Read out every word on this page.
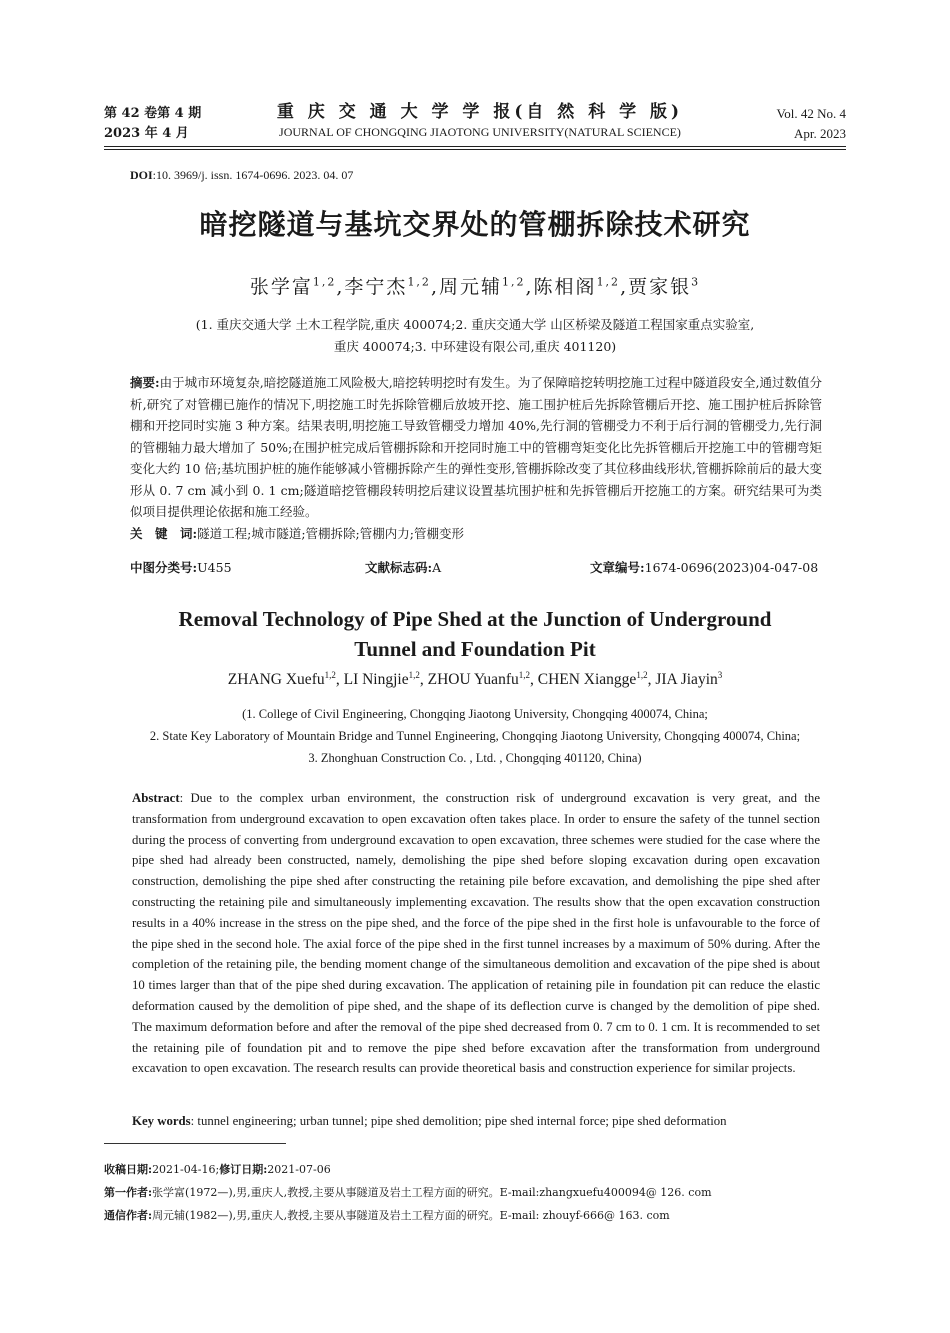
第 42 卷第 4 期
2023 年 4 月
重 庆 交 通 大 学 学 报(自 然 科 学 版)
JOURNAL OF CHONGQING JIAOTONG UNIVERSITY(NATURAL SCIENCE)
Vol. 42 No. 4
Apr. 2023
DOI:10. 3969/j. issn. 1674-0696. 2023. 04. 07
暗挖隧道与基坑交界处的管棚拆除技术研究
张学富$^{1,2}$,李宁杰$^{1,2}$,周元辅$^{1,2}$,陈相阁$^{1,2}$,贾家银$^3$
(1. 重庆交通大学 土木工程学院,重庆 400074;2. 重庆交通大学 山区桥梁及隧道工程国家重点实验室,
重庆 400074;3. 中环建设有限公司,重庆 401120)
摘要:由于城市环境复杂,暗挖隧道施工风险极大,暗挖转明挖时有发生。为了保障暗挖转明挖施工过程中隧道段安全,通过数值分析,研究了对管棚已施作的情况下,明挖施工时先拆除管棚后放坡开挖、施工围护桩后先拆除管棚后开挖、施工围护桩后拆除管棚和开挖同时实施 3 种方案。结果表明,明挖施工导致管棚受力增加 40%,先行洞的管棚受力不利于后行洞的管棚受力,先行洞的管棚轴力最大增加了 50%;在围护桩完成后管棚拆除和开挖同时施工中的管棚弯矩变化比先拆管棚后开挖施工中的管棚弯矩变化大约 10 倍;基坑围护桩的施作能够减小管棚拆除产生的弹性变形,管棚拆除改变了其位移曲线形状,管棚拆除前后的最大变形从 0. 7 cm 减小到 0. 1 cm;隧道暗挖管棚段转明挖后建议设置基坑围护桩和先拆管棚后开挖施工的方案。研究结果可为类似项目提供理论依据和施工经验。
关　键　词:隧道工程;城市隧道;管棚拆除;管棚内力;管棚变形
中图分类号:U455	文献标志码:A	文章编号:1674-0696(2023)04-047-08
Removal Technology of Pipe Shed at the Junction of Underground
Tunnel and Foundation Pit
ZHANG Xuefu$^{1,2}$, LI Ningjie$^{1,2}$, ZHOU Yuanfu$^{1,2}$, CHEN Xiangge$^{1,2}$, JIA Jiayin$^3$
(1. College of Civil Engineering, Chongqing Jiaotong University, Chongqing 400074, China;
2. State Key Laboratory of Mountain Bridge and Tunnel Engineering, Chongqing Jiaotong University, Chongqing 400074, China;
3. Zhonghuan Construction Co. , Ltd. , Chongqing 401120, China)
Abstract: Due to the complex urban environment, the construction risk of underground excavation is very great, and the transformation from underground excavation to open excavation often takes place. In order to ensure the safety of the tunnel section during the process of converting from underground excavation to open excavation, three schemes were studied for the case where the pipe shed had already been constructed, namely, demolishing the pipe shed before sloping excavation during open excavation construction, demolishing the pipe shed after constructing the retaining pile before excavation, and demolishing the pipe shed after constructing the retaining pile and simultaneously implementing excavation. The results show that the open excavation construction results in a 40% increase in the stress on the pipe shed, and the force of the pipe shed in the first hole is unfavourable to the force of the pipe shed in the second hole. The axial force of the pipe shed in the first tunnel increases by a maximum of 50% during. After the completion of the retaining pile, the bending moment change of the simultaneous demolition and excavation of the pipe shed is about 10 times larger than that of the pipe shed during excavation. The application of retaining pile in foundation pit can reduce the elastic deformation caused by the demolition of pipe shed, and the shape of its deflection curve is changed by the demolition of pipe shed. The maximum deformation before and after the removal of the pipe shed decreased from 0. 7 cm to 0. 1 cm. It is recommended to set the retaining pile of foundation pit and to remove the pipe shed before excavation after the transformation from underground excavation to open excavation. The research results can provide theoretical basis and construction experience for similar projects.
Key words: tunnel engineering; urban tunnel; pipe shed demolition; pipe shed internal force; pipe shed deformation
收稿日期:2021-04-16;修订日期:2021-07-06
第一作者:张学富(1972—),男,重庆人,教授,主要从事隧道及岩土工程方面的研究。E-mail:zhangxuefu400094@ 126. com
通信作者:周元辅(1982—),男,重庆人,教授,主要从事隧道及岩土工程方面的研究。E-mail: zhouyf-666@ 163. com
